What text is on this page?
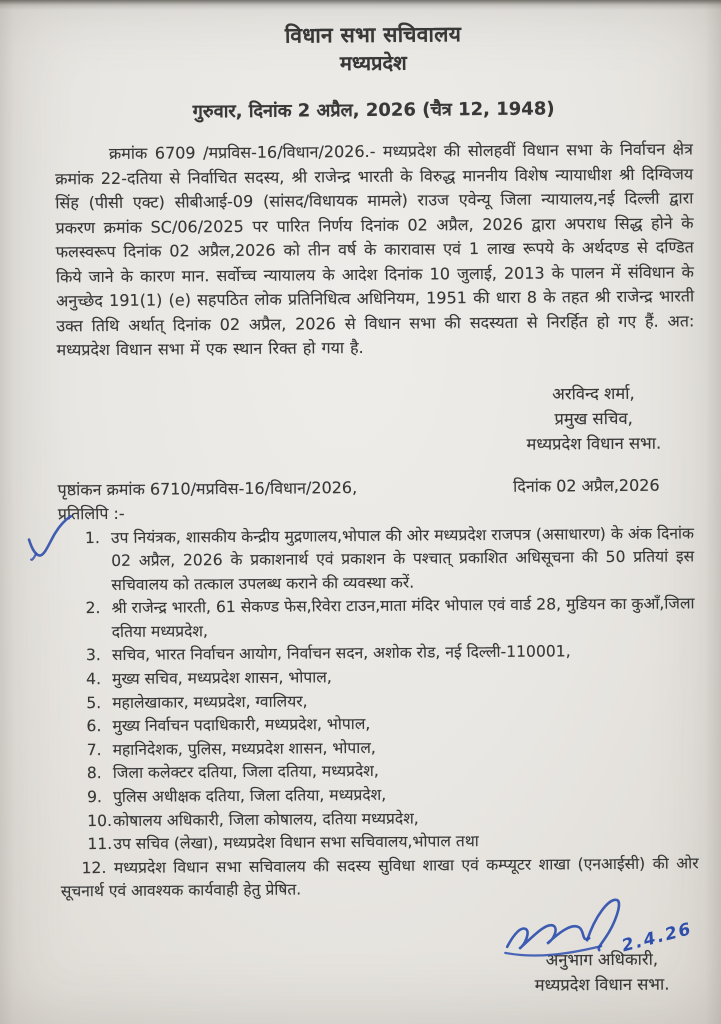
विधान सभा सचिवालय
मध्यप्रदेश
गुरुवार, दिनांक 2 अप्रैल, 2026 (चैत्र 12, 1948)

क्रमांक 6709 /मप्रविस-16/विधान/2026.- मध्यप्रदेश की सोलहवीं विधान सभा के निर्वाचन क्षेत्र क्रमांक 22-दतिया से निर्वाचित सदस्य, श्री राजेन्द्र भारती के विरुद्ध माननीय विशेष न्यायाधीश श्री दिग्विजय सिंह (पीसी एक्ट) सीबीआई-09 (सांसद/विधायक मामले) राउज एवेन्यू जिला न्यायालय,नई दिल्ली द्वारा प्रकरण क्रमांक SC/06/2025 पर पारित निर्णय दिनांक 02 अप्रैल, 2026 द्वारा अपराध सिद्ध होने के फलस्वरूप दिनांक 02 अप्रैल,2026 को तीन वर्ष के कारावास एवं 1 लाख रूपये के अर्थदण्ड से दण्डित किये जाने के कारण मान. सर्वोच्च न्यायालय के आदेश दिनांक 10 जुलाई, 2013 के पालन में संविधान के अनुच्छेद 191(1) (e) सहपठित लोक प्रतिनिधित्व अधिनियम, 1951 की धारा 8 के तहत श्री राजेन्द्र भारती उक्त तिथि अर्थात् दिनांक 02 अप्रैल, 2026 से विधान सभा की सदस्यता से निरर्हित हो गए हैं. अत: मध्यप्रदेश विधान सभा में एक स्थान रिक्त हो गया है.

अरविन्द शर्मा,
प्रमुख सचिव,
मध्यप्रदेश विधान सभा.
पृष्ठांकन क्रमांक 6710/मप्रविस-16/विधान/2026,	दिनांक 02 अप्रैल,2026
प्रतिलिपि :-
1. उप नियंत्रक, शासकीय केन्द्रीय मुद्रणालय,भोपाल की ओर मध्यप्रदेश राजपत्र (असाधारण) के अंक दिनांक 02 अप्रैल, 2026 के प्रकाशनार्थ एवं प्रकाशन के पश्चात् प्रकाशित अधिसूचना की 50 प्रतियां इस सचिवालय को तत्काल उपलब्ध कराने की व्यवस्था करें.
2. श्री राजेन्द्र भारती, 61 सेकण्ड फेस,रिवेरा टाउन,माता मंदिर भोपाल एवं वार्ड 28, मुडियन का कुआँ,जिला दतिया मध्यप्रदेश,
3. सचिव, भारत निर्वाचन आयोग, निर्वाचन सदन, अशोक रोड, नई दिल्ली-110001,
4. मुख्य सचिव, मध्यप्रदेश शासन, भोपाल,
5. महालेखाकार, मध्यप्रदेश, ग्वालियर,
6. मुख्य निर्वाचन पदाधिकारी, मध्यप्रदेश, भोपाल,
7. महानिदेशक, पुलिस, मध्यप्रदेश शासन, भोपाल,
8. जिला कलेक्टर दतिया, जिला दतिया, मध्यप्रदेश,
9. पुलिस अधीक्षक दतिया, जिला दतिया, मध्यप्रदेश,
10. कोषालय अधिकारी, जिला कोषालय, दतिया मध्यप्रदेश,
11. उप सचिव (लेखा), मध्यप्रदेश विधान सभा सचिवालय,भोपाल तथा

12. मध्यप्रदेश विधान सभा सचिवालय की सदस्य सुविधा शाखा एवं कम्प्यूटर शाखा (एनआईसी) की ओर सूचनार्थ एवं आवश्यक कार्यवाही हेतु प्रेषित.

2.4.26
अनुभाग अधिकारी,
मध्यप्रदेश विधान सभा.
